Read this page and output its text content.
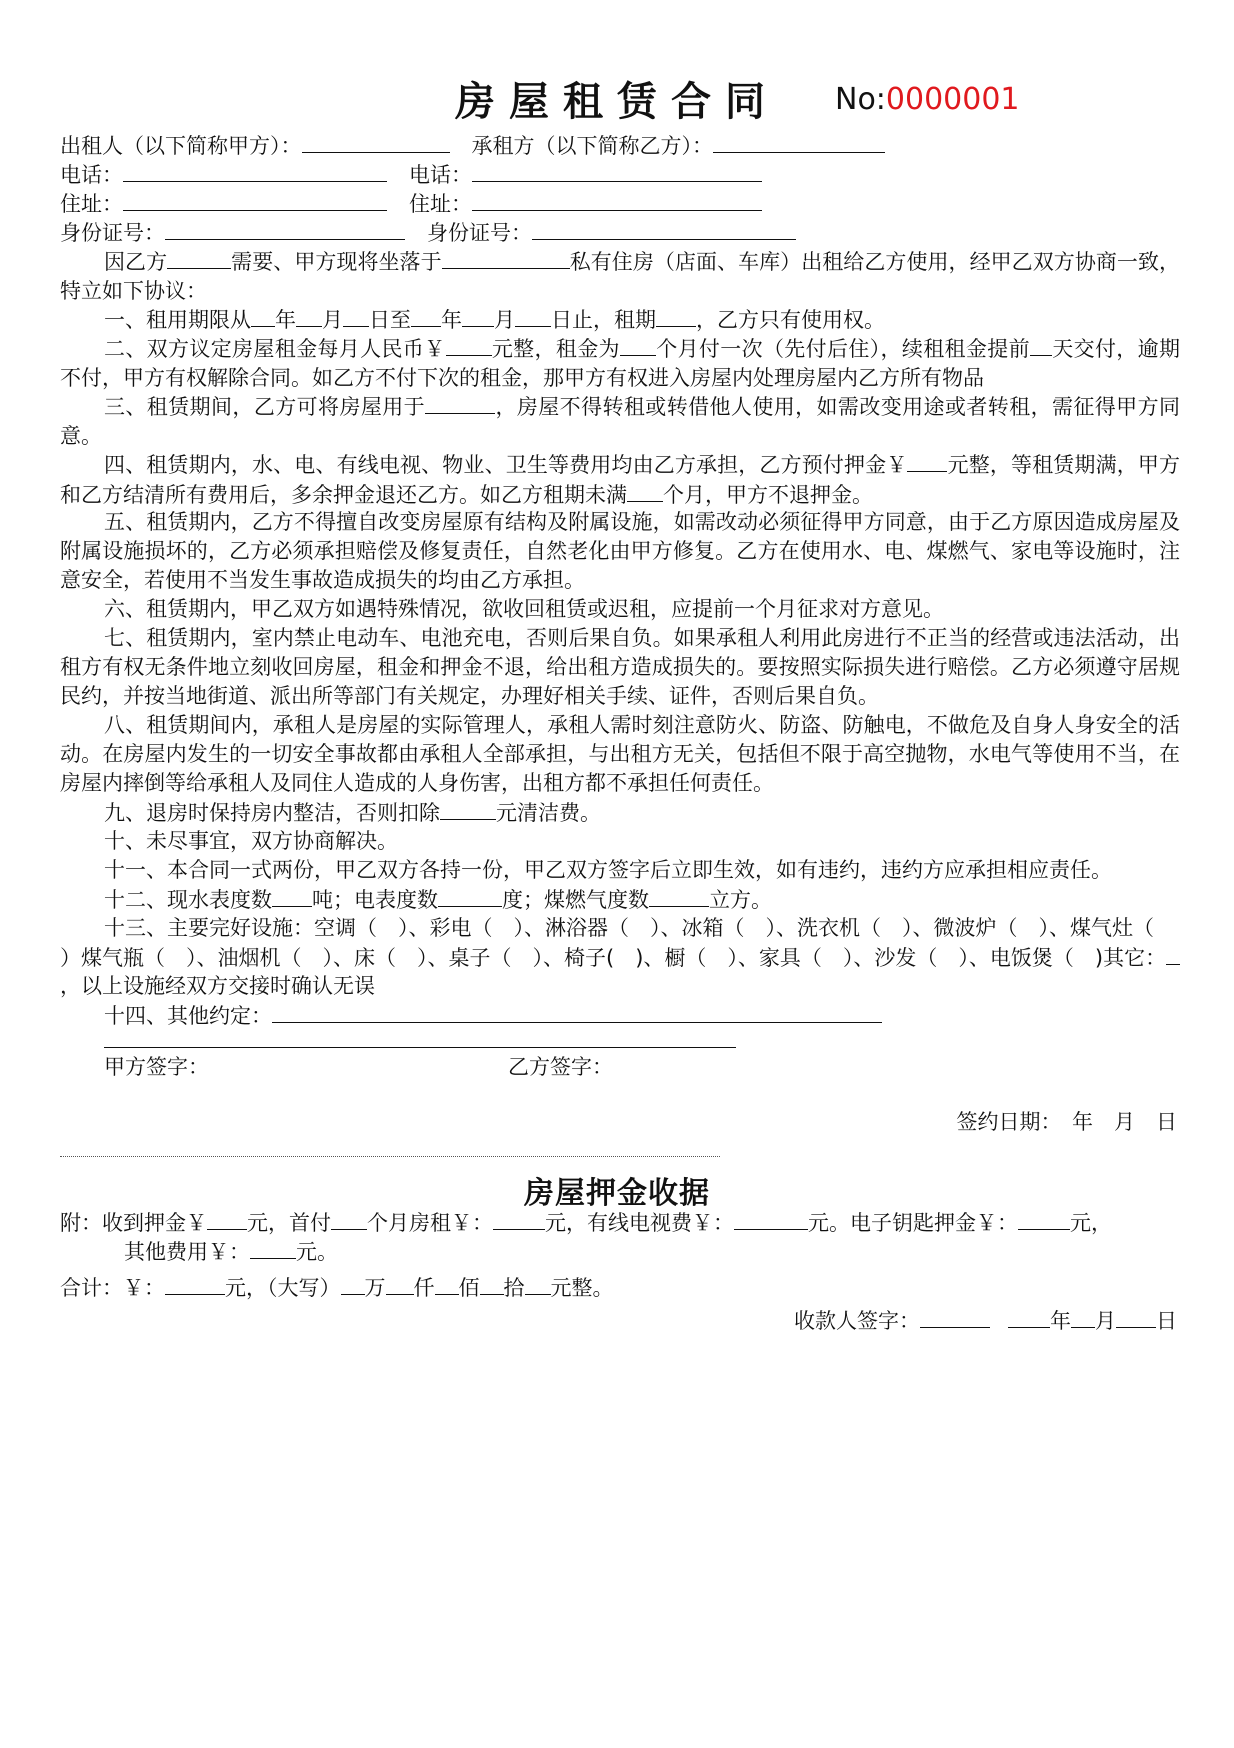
房屋租赁合同	No:0000001
出租人（以下简称甲方）：	承租方（以下简称乙方）：
电话：	电话：
住址：	住址：
身份证号：	身份证号：
因乙方	需要、甲方现将坐落于	私有住房（店面、车库）出租给乙方使用，经甲乙双方协商一致，特立如下协议：
一、租用期限从 年 月 日至 年 月 日止，租期 ，乙方只有使用权。
二、双方议定房屋租金每月人民币￥ 元整，租金为 个月付一次（先付后住），续租租金提前 天交付，逾期不付，甲方有权解除合同。如乙方不付下次的租金，那甲方有权进入房屋内处理房屋内乙方所有物品
三、租赁期间，乙方可将房屋用于	，房屋不得转租或转借他人使用，如需改变用途或者转租，需征得甲方同意。
四、租赁期内，水、电、有线电视、物业、卫生等费用均由乙方承担，乙方预付押金￥ 元整，等租赁期满，甲方和乙方结清所有费用后，多余押金退还乙方。如乙方租期未满 个月，甲方不退押金。
五、租赁期内，乙方不得擅自改变房屋原有结构及附属设施，如需改动必须征得甲方同意，由于乙方原因造成房屋及附属设施损坏的，乙方必须承担赔偿及修复责任，自然老化由甲方修复。乙方在使用水、电、煤燃气、家电等设施时，注意安全，若使用不当发生事故造成损失的均由乙方承担。
六、租赁期内，甲乙双方如遇特殊情况，欲收回租赁或迟租，应提前一个月征求对方意见。
七、租赁期内，室内禁止电动车、电池充电，否则后果自负。如果承租人利用此房进行不正当的经营或违法活动，出租方有权无条件地立刻收回房屋，租金和押金不退，给出租方造成损失的。要按照实际损失进行赔偿。乙方必须遵守居规民约，并按当地街道、派出所等部门有关规定，办理好相关手续、证件，否则后果自负。
八、租赁期间内，承租人是房屋的实际管理人，承租人需时刻注意防火、防盗、防触电，不做危及自身人身安全的活动。在房屋内发生的一切安全事故都由承租人全部承担，与出租方无关，包括但不限于高空抛物，水电气等使用不当，在房屋内摔倒等给承租人及同住人造成的人身伤害，出租方都不承担任何责任。
九、退房时保持房内整洁，否则扣除	元清洁费。
十、未尽事宜，双方协商解决。
十一、本合同一式两份，甲乙双方各持一份，甲乙双方签字后立即生效，如有违约，违约方应承担相应责任。
十二、现水表度数 吨；电表度数	度；煤燃气度数	立方。
十三、主要完好设施：空调（　）、彩电（　）、淋浴器（　）、冰箱（　）、洗衣机（　）、微波炉（　）、煤气灶（
）煤气瓶（　）、油烟机（　）、床（　）、桌子（　）、椅子(　)、橱（　）、家具（　）、沙发（　）、电饭煲（　)其它：
，以上设施经双方交接时确认无误
十四、其他约定：
甲方签字：	乙方签字：
签约日期：　年　月　日
房屋押金收据
附：收到押金￥ 元，首付 个月房租￥： 元，有线电视费￥：	元。电子钥匙押金￥： 元，
其他费用￥： 元。
合计：￥：	元，（大写） 万 仟 佰 拾 元整。
收款人签字：	年 月 日
